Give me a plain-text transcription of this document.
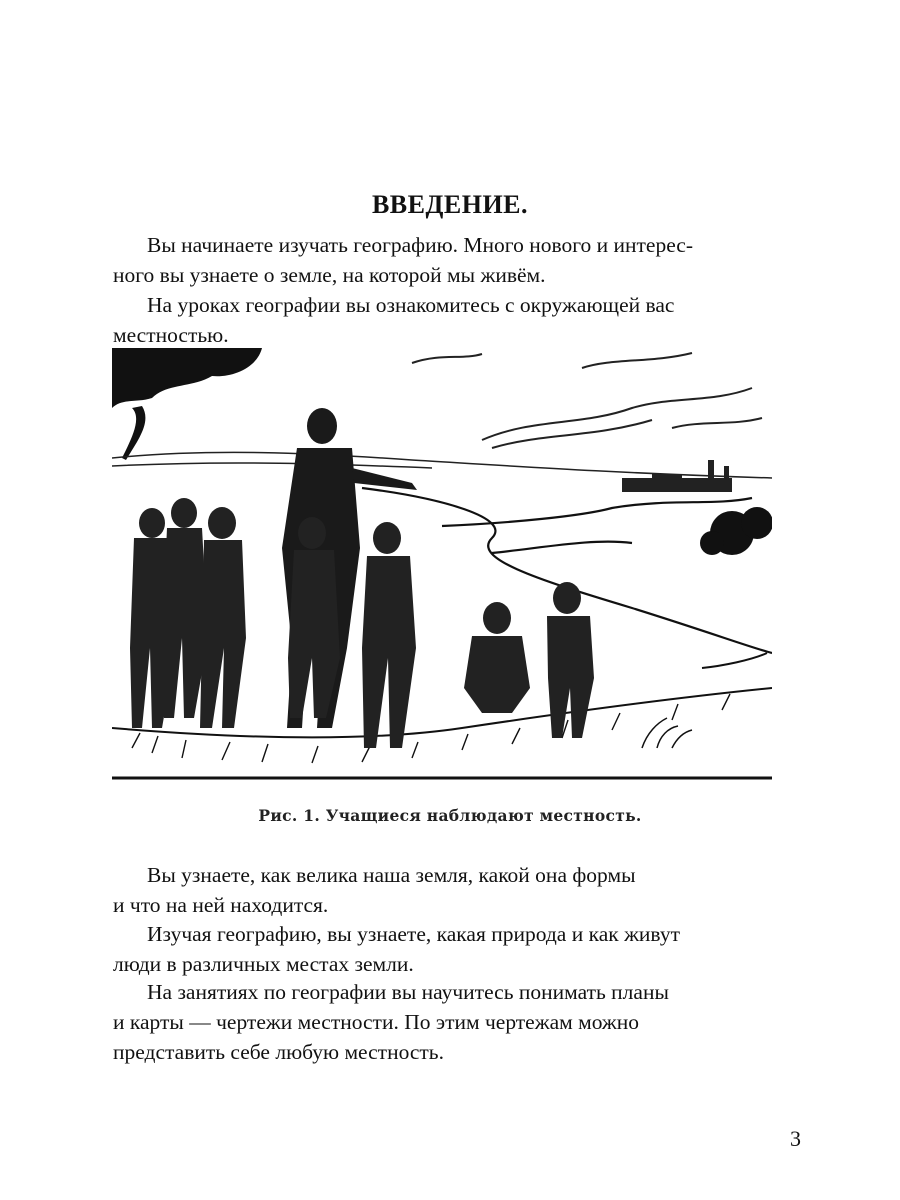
ВВЕДЕНИЕ.

Вы начинаете изучать географию. Много нового и интерес-
ного вы узнаете о земле, на которой мы живём.

На уроках географии вы ознакомитесь с окружающей вас
местностью.

Рис. 1. Учащиеся наблюдают местность.

Вы узнаете, как велика наша земля, какой она формы
и что на ней находится.

Изучая географию, вы узнаете, какая природа и как живут
люди в различных местах земли.

На занятиях по географии вы научитесь понимать планы
и карты — чертежи местности. По этим чертежам можно
представить себе любую местность.

3
